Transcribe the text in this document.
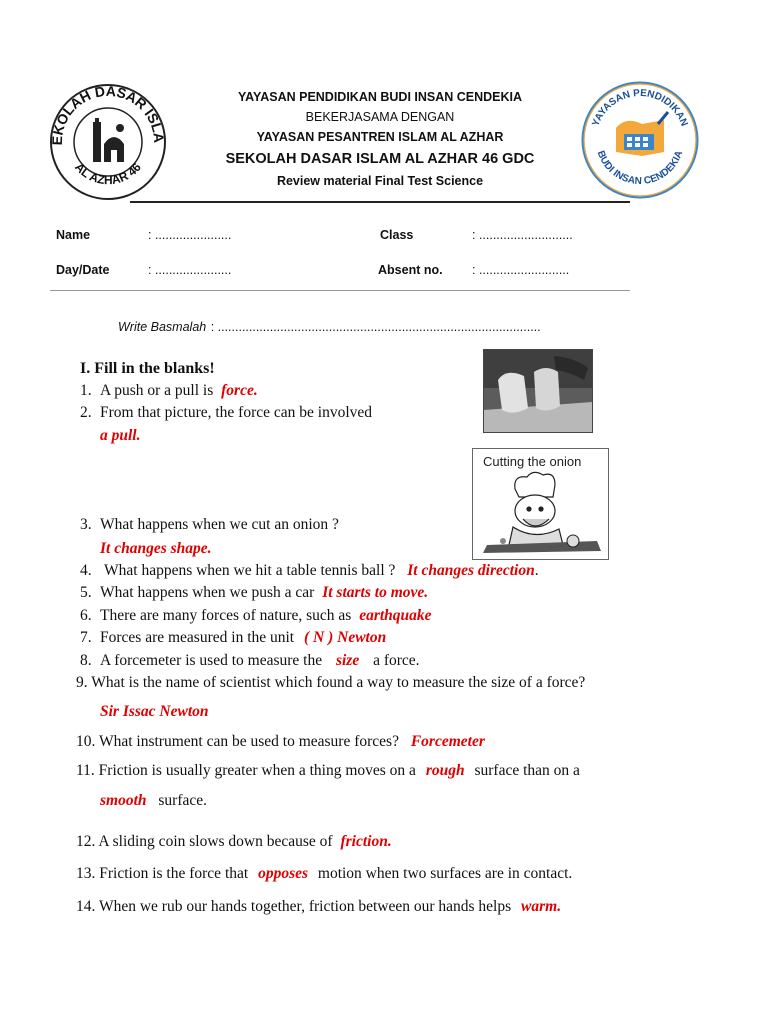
EKOLAH DASAR ISLA
AL AZHAR 46
YAYASAN PENDIDIKAN BUDI INSAN CENDEKIA
BEKERJASAMA DENGAN
YAYASAN PESANTREN ISLAM AL AZHAR
SEKOLAH DASAR ISLAM AL AZHAR 46 GDC
Review material Final Test Science
YAYASAN PENDIDIKAN
BUDI INSAN CENDEKIA
Name	: ......................	Class	: ...........................
Day/Date	: ......................	Absent no. : ..........................
Write Basmalah : .............................................................................................
I. Fill in the blanks!
Cutting the onion
1. A push or a pull is force.
2. From that picture, the force can be involved
a pull.
3. What happens when we cut an onion ?
It changes shape.
4. What happens when we hit a table tennis ball ? It changes direction.
5. What happens when we push a car It starts to move.
6. There are many forces of nature, such as earthquake
7. Forces are measured in the unit ( N ) Newton
8. A forcemeter is used to measure the size a force.
9. What is the name of scientist which found a way to measure the size of a force?
Sir Issac Newton
10. What instrument can be used to measure forces? Forcemeter
11. Friction is usually greater when a thing moves on a rough surface than on a
smooth surface.
12. A sliding coin slows down because of friction.
13. Friction is the force that opposes motion when two surfaces are in contact.
14. When we rub our hands together, friction between our hands helps warm.
